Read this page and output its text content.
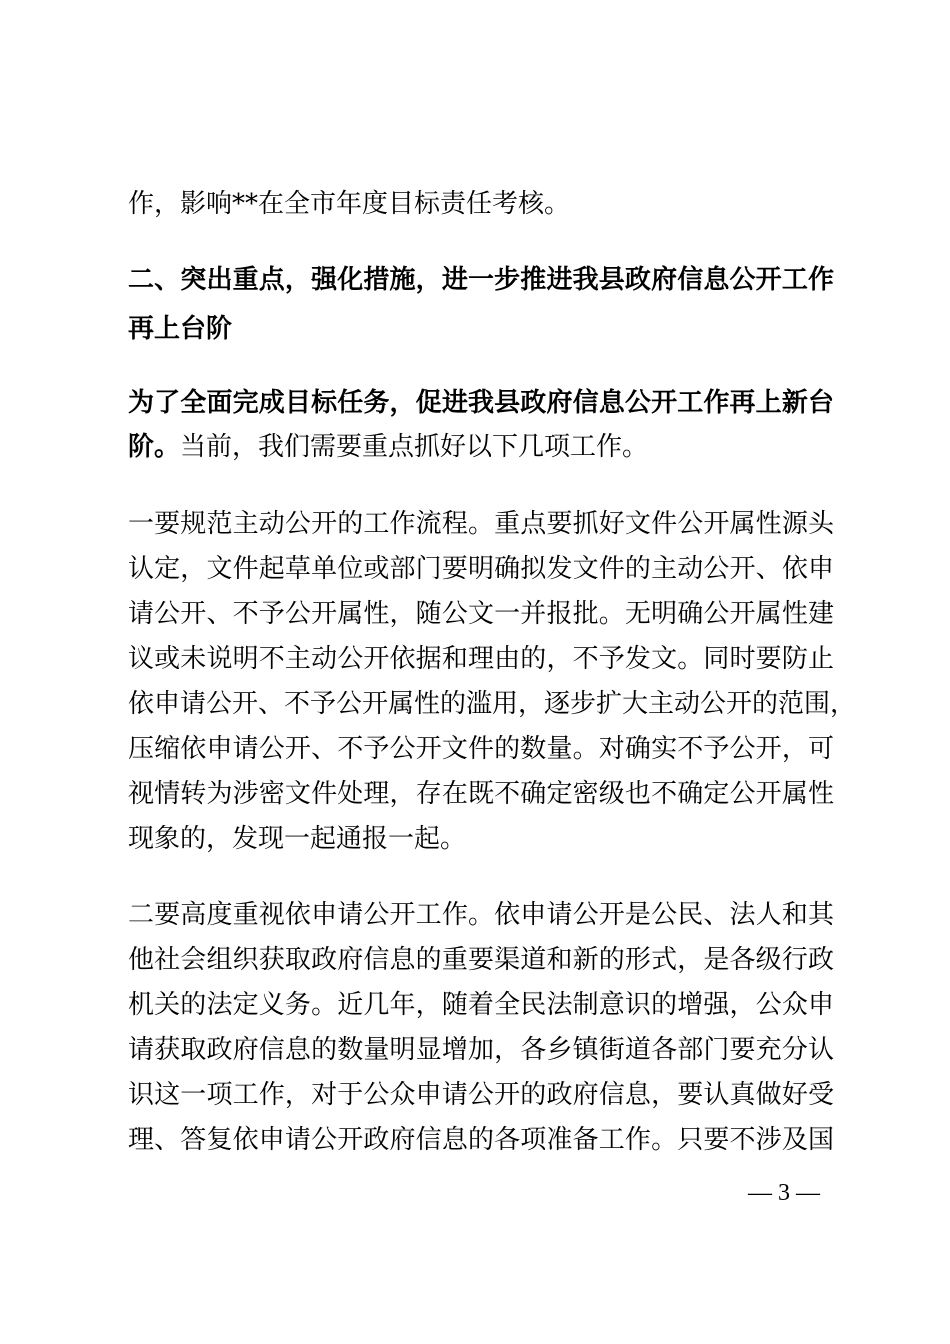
作，影响**在全市年度目标责任考核。
二、突出重点，强化措施，进一步推进我县政府信息公开工作
再上台阶
为了全面完成目标任务，促进我县政府信息公开工作再上新台
阶。当前，我们需要重点抓好以下几项工作。
一要规范主动公开的工作流程。重点要抓好文件公开属性源头
认定，文件起草单位或部门要明确拟发文件的主动公开、依申
请公开、不予公开属性，随公文一并报批。无明确公开属性建
议或未说明不主动公开依据和理由的，不予发文。同时要防止
依申请公开、不予公开属性的滥用，逐步扩大主动公开的范围，
压缩依申请公开、不予公开文件的数量。对确实不予公开，可
视情转为涉密文件处理，存在既不确定密级也不确定公开属性
现象的，发现一起通报一起。
二要高度重视依申请公开工作。依申请公开是公民、法人和其
他社会组织获取政府信息的重要渠道和新的形式，是各级行政
机关的法定义务。近几年，随着全民法制意识的增强，公众申
请获取政府信息的数量明显增加，各乡镇街道各部门要充分认
识这一项工作，对于公众申请公开的政府信息，要认真做好受
理、答复依申请公开政府信息的各项准备工作。只要不涉及国
— 3 —
